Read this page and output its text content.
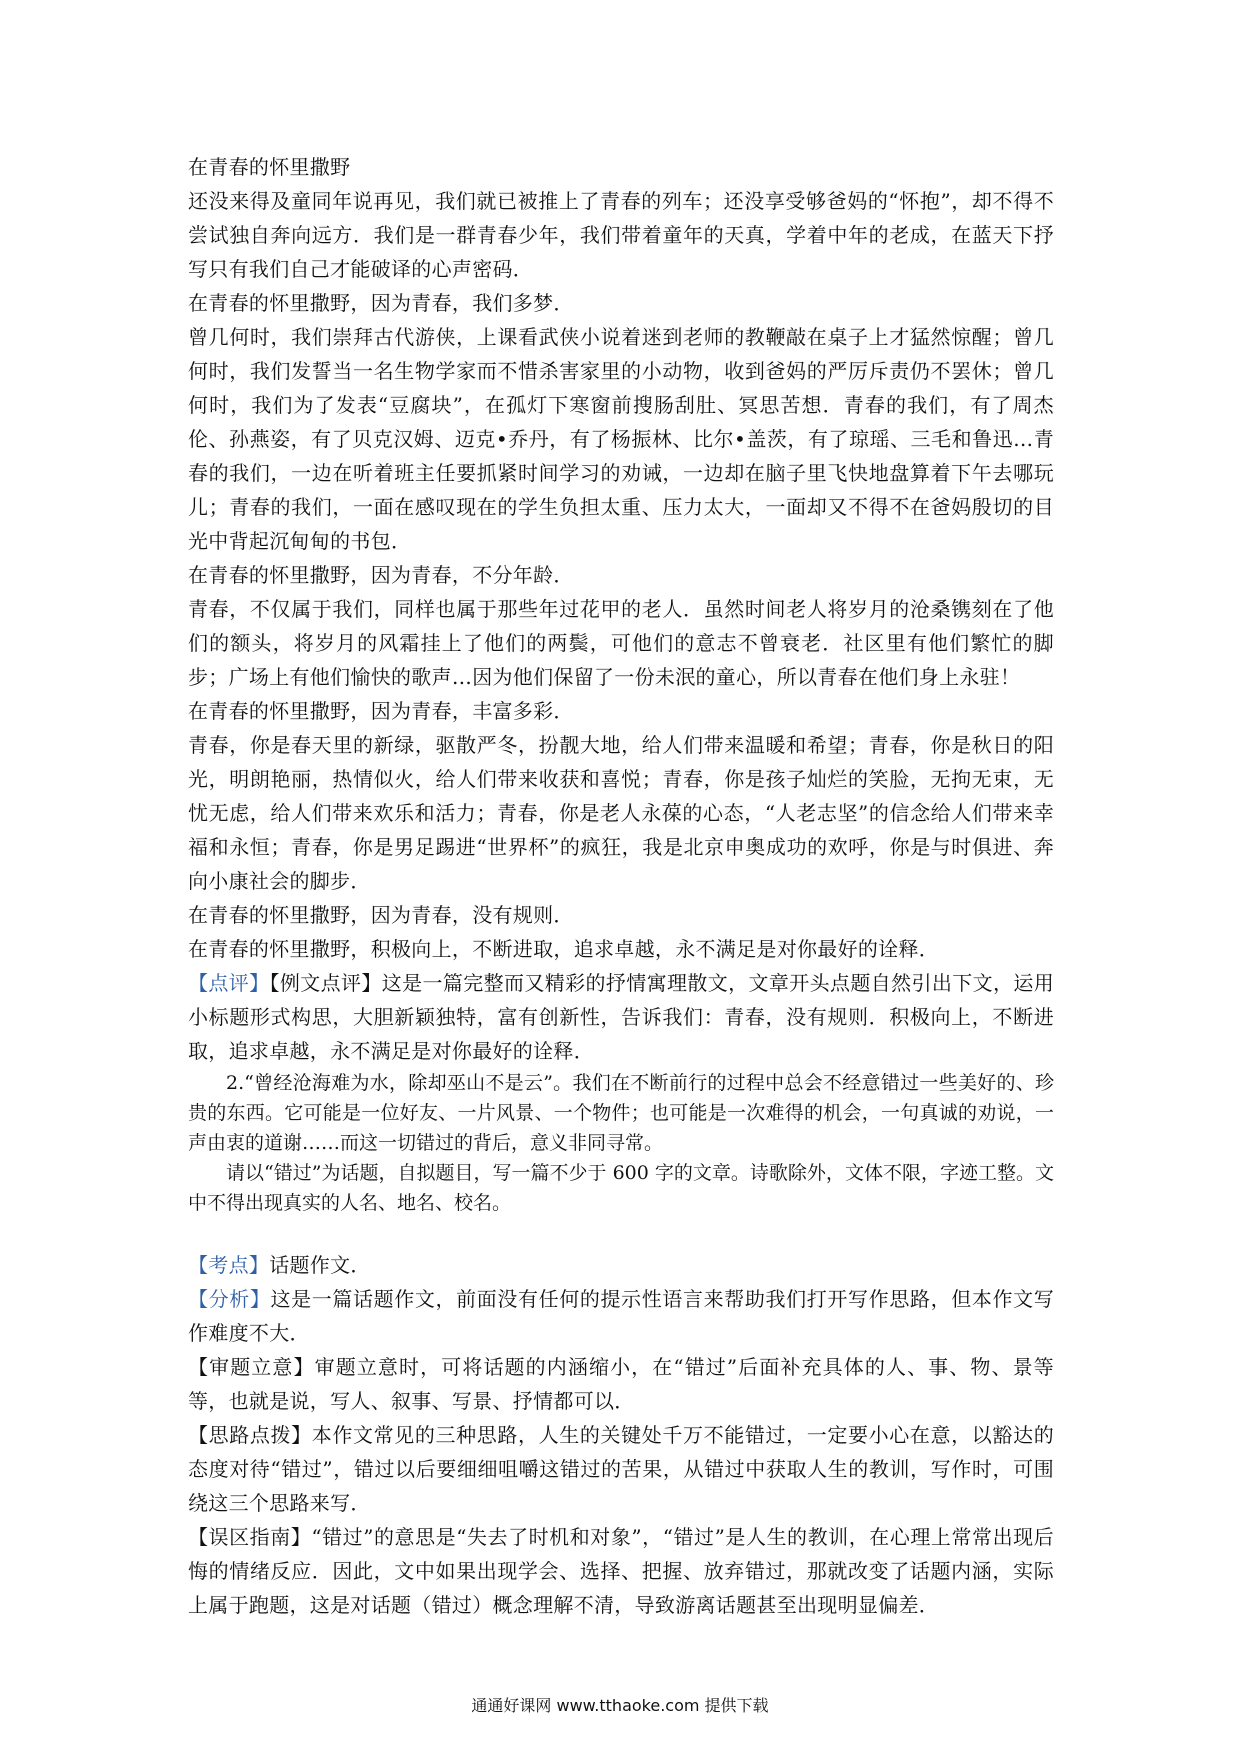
在青春的怀里撒野

还没来得及童同年说再见，我们就已被推上了青春的列车；还没享受够爸妈的“怀抱”，却不得不尝试独自奔向远方．我们是一群青春少年，我们带着童年的天真，学着中年的老成，在蓝天下抒写只有我们自己才能破译的心声密码．

在青春的怀里撒野，因为青春，我们多梦．

曾几何时，我们崇拜古代游侠，上课看武侠小说着迷到老师的教鞭敲在桌子上才猛然惊醒；曾几何时，我们发誓当一名生物学家而不惜杀害家里的小动物，收到爸妈的严厉斥责仍不罢休；曾几何时，我们为了发表“豆腐块”，在孤灯下寒窗前搜肠刮肚、冥思苦想．青春的我们，有了周杰伦、孙燕姿，有了贝克汉姆、迈克•乔丹，有了杨振林、比尔•盖茨，有了琼瑶、三毛和鲁迅…青春的我们，一边在听着班主任要抓紧时间学习的劝诫，一边却在脑子里飞快地盘算着下午去哪玩儿；青春的我们，一面在感叹现在的学生负担太重、压力太大，一面却又不得不在爸妈殷切的目光中背起沉甸甸的书包．

在青春的怀里撒野，因为青春，不分年龄．

青春，不仅属于我们，同样也属于那些年过花甲的老人．虽然时间老人将岁月的沧桑镌刻在了他们的额头，将岁月的风霜挂上了他们的两鬓，可他们的意志不曾衰老．社区里有他们繁忙的脚步；广场上有他们愉快的歌声…因为他们保留了一份未泯的童心，所以青春在他们身上永驻！

在青春的怀里撒野，因为青春，丰富多彩．

青春，你是春天里的新绿，驱散严冬，扮靓大地，给人们带来温暖和希望；青春，你是秋日的阳光，明朗艳丽，热情似火，给人们带来收获和喜悦；青春，你是孩子灿烂的笑脸，无拘无束，无忧无虑，给人们带来欢乐和活力；青春，你是老人永葆的心态，“人老志坚”的信念给人们带来幸福和永恒；青春，你是男足踢进“世界杯”的疯狂，我是北京申奥成功的欢呼，你是与时俱进、奔向小康社会的脚步．

在青春的怀里撒野，因为青春，没有规则．

在青春的怀里撒野，积极向上，不断进取，追求卓越，永不满足是对你最好的诠释．

【点评】【例文点评】这是一篇完整而又精彩的抒情寓理散文，文章开头点题自然引出下文，运用小标题形式构思，大胆新颖独特，富有创新性，告诉我们：青春，没有规则．积极向上，不断进取，追求卓越，永不满足是对你最好的诠释．

2.“曾经沧海难为水，除却巫山不是云”。我们在不断前行的过程中总会不经意错过一些美好的、珍贵的东西。它可能是一位好友、一片风景、一个物件；也可能是一次难得的机会，一句真诚的劝说，一声由衷的道谢……而这一切错过的背后，意义非同寻常。

请以“错过”为话题，自拟题目，写一篇不少于 600 字的文章。诗歌除外，文体不限，字迹工整。文中不得出现真实的人名、地名、校名。

【考点】话题作文．

【分析】这是一篇话题作文，前面没有任何的提示性语言来帮助我们打开写作思路，但本作文写作难度不大．

【审题立意】审题立意时，可将话题的内涵缩小，在“错过”后面补充具体的人、事、物、景等等，也就是说，写人、叙事、写景、抒情都可以．

【思路点拨】本作文常见的三种思路，人生的关键处千万不能错过，一定要小心在意，以豁达的态度对待“错过”，错过以后要细细咀嚼这错过的苦果，从错过中获取人生的教训，写作时，可围绕这三个思路来写．

【误区指南】“错过”的意思是“失去了时机和对象”，“错过”是人生的教训，在心理上常常出现后悔的情绪反应．因此，文中如果出现学会、选择、把握、放弃错过，那就改变了话题内涵，实际上属于跑题，这是对话题（错过）概念理解不清，导致游离话题甚至出现明显偏差．

通通好课网 www.tthaoke.com 提供下载
